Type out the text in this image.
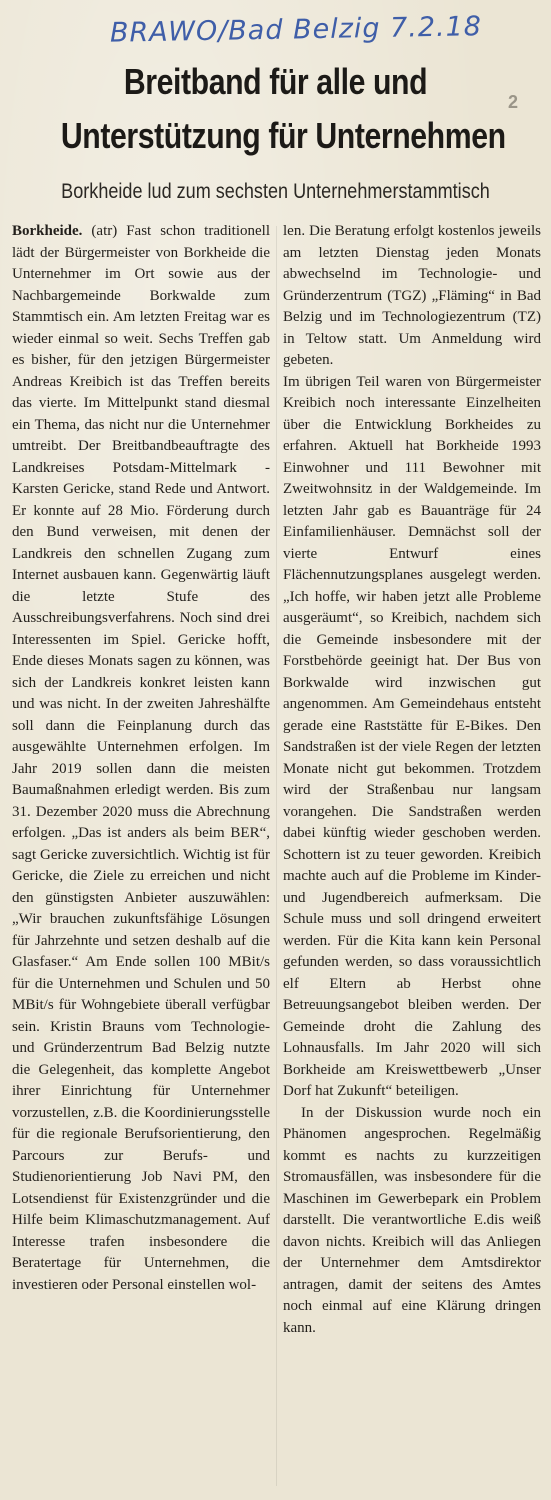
BRAWO/Bad Belzig 7.2.18
2
Breitband für alle und
Unterstützung für Unternehmen
Borkheide lud zum sechsten Unternehmerstammtisch

Borkheide. (atr) Fast schon traditionell lädt der Bürgermeister von Borkheide die Unternehmer im Ort sowie aus der Nachbargemeinde Borkwalde zum Stammtisch ein. Am letzten Freitag war es wieder einmal so weit. Sechs Treffen gab es bisher, für den jetzigen Bürgermeister Andreas Kreibich ist das Treffen bereits das vierte. Im Mittelpunkt stand diesmal ein Thema, das nicht nur die Unternehmer umtreibt. Der Breitbandbeauftragte des Landkreises Potsdam-Mittelmark - Karsten Gericke, stand Rede und Antwort. Er konnte auf 28 Mio. Förderung durch den Bund verweisen, mit denen der Landkreis den schnellen Zugang zum Internet ausbauen kann. Gegenwärtig läuft die letzte Stufe des Ausschreibungsverfahrens. Noch sind drei Interessenten im Spiel. Gericke hofft, Ende dieses Monats sagen zu können, was sich der Landkreis konkret leisten kann und was nicht. In der zweiten Jahreshälfte soll dann die Feinplanung durch das ausgewählte Unternehmen erfolgen. Im Jahr 2019 sollen dann die meisten Baumaßnahmen erledigt werden. Bis zum 31. Dezember 2020 muss die Abrechnung erfolgen. „Das ist anders als beim BER“, sagt Gericke zuversichtlich. Wichtig ist für Gericke, die Ziele zu erreichen und nicht den günstigsten Anbieter auszuwählen: „Wir brauchen zukunftsfähige Lösungen für Jahrzehnte und setzen deshalb auf die Glasfaser.“ Am Ende sollen 100 MBit/s für die Unternehmen und Schulen und 50 MBit/s für Wohngebiete überall verfügbar sein. Kristin Brauns vom Technologie- und Gründerzentrum Bad Belzig nutzte die Gelegenheit, das komplette Angebot ihrer Einrichtung für Unternehmer vorzustellen, z.B. die Koordinierungsstelle für die regionale Berufsorientierung, den Parcours zur Berufs- und Studienorientierung Job Navi PM, den Lotsendienst für Existenzgründer und die Hilfe beim Klimaschutzmanagement. Auf Interesse trafen insbesondere die Beratertage für Unternehmen, die investieren oder Personal einstellen wol-

len. Die Beratung erfolgt kostenlos jeweils am letzten Dienstag jeden Monats abwechselnd im Technologie- und Gründerzentrum (TGZ) „Fläming“ in Bad Belzig und im Technologiezentrum (TZ) in Teltow statt. Um Anmeldung wird gebeten.

Im übrigen Teil waren von Bürgermeister Kreibich noch interessante Einzelheiten über die Entwicklung Borkheides zu erfahren. Aktuell hat Borkheide 1993 Einwohner und 111 Bewohner mit Zweitwohnsitz in der Waldgemeinde. Im letzten Jahr gab es Bauanträge für 24 Einfamilienhäuser. Demnächst soll der vierte Entwurf eines Flächennutzungsplanes ausgelegt werden. „Ich hoffe, wir haben jetzt alle Probleme ausgeräumt“, so Kreibich, nachdem sich die Gemeinde insbesondere mit der Forstbehörde geeinigt hat. Der Bus von Borkwalde wird inzwischen gut angenommen. Am Gemeindehaus entsteht gerade eine Raststätte für E-Bikes. Den Sandstraßen ist der viele Regen der letzten Monate nicht gut bekommen. Trotzdem wird der Straßenbau nur langsam vorangehen. Die Sandstraßen werden dabei künftig wieder geschoben werden. Schottern ist zu teuer geworden. Kreibich machte auch auf die Probleme im Kinder- und Jugendbereich aufmerksam. Die Schule muss und soll dringend erweitert werden. Für die Kita kann kein Personal gefunden werden, so dass voraussichtlich elf Eltern ab Herbst ohne Betreuungsangebot bleiben werden. Der Gemeinde droht die Zahlung des Lohnausfalls. Im Jahr 2020 will sich Borkheide am Kreiswettbewerb „Unser Dorf hat Zukunft“ beteiligen.

In der Diskussion wurde noch ein Phänomen angesprochen. Regelmäßig kommt es nachts zu kurzzeitigen Stromausfällen, was insbesondere für die Maschinen im Gewerbepark ein Problem darstellt. Die verantwortliche E.dis weiß davon nichts. Kreibich will das Anliegen der Unternehmer dem Amtsdirektor antragen, damit der seitens des Amtes noch einmal auf eine Klärung dringen kann.
